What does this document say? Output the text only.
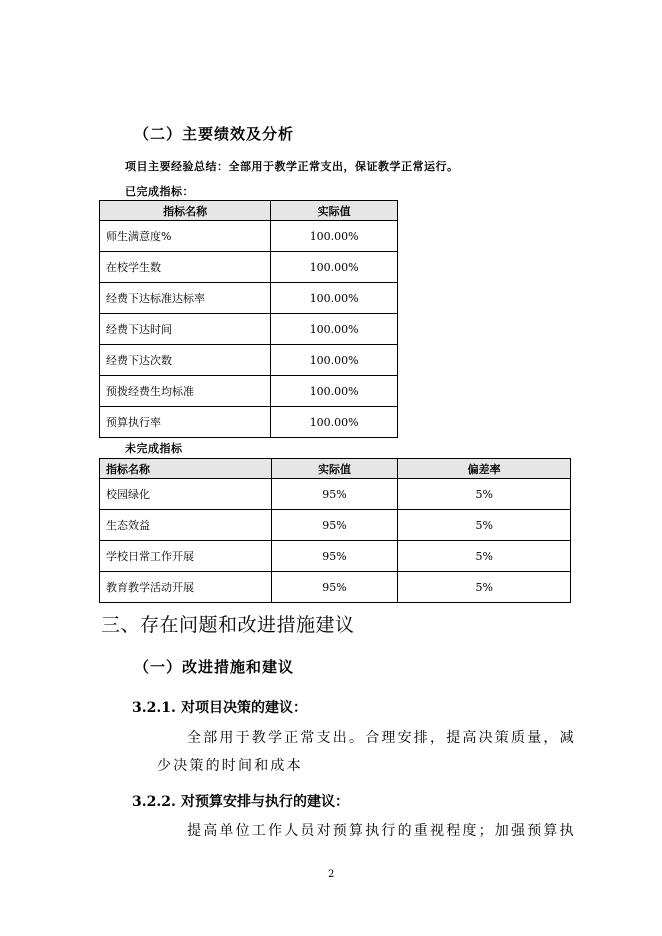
（二）主要绩效及分析
项目主要经验总结：全部用于教学正常支出，保证教学正常运行。
已完成指标：
指标名称	实际值
师生满意度%	100.00%
在校学生数	100.00%
经费下达标准达标率	100.00%
经费下达时间	100.00%
经费下达次数	100.00%
预拨经费生均标准	100.00%
预算执行率	100.00%
未完成指标
指标名称	实际值	偏差率
校园绿化	95%	5%
生态效益	95%	5%
学校日常工作开展	95%	5%
教育教学活动开展	95%	5%
三、存在问题和改进措施建议
（一）改进措施和建议
3.2.1. 对项目决策的建议：
全部用于教学正常支出。合理安排，提高决策质量，减
少决策的时间和成本
3.2.2. 对预算安排与执行的建议：
提高单位工作人员对预算执行的重视程度；加强预算执
2
